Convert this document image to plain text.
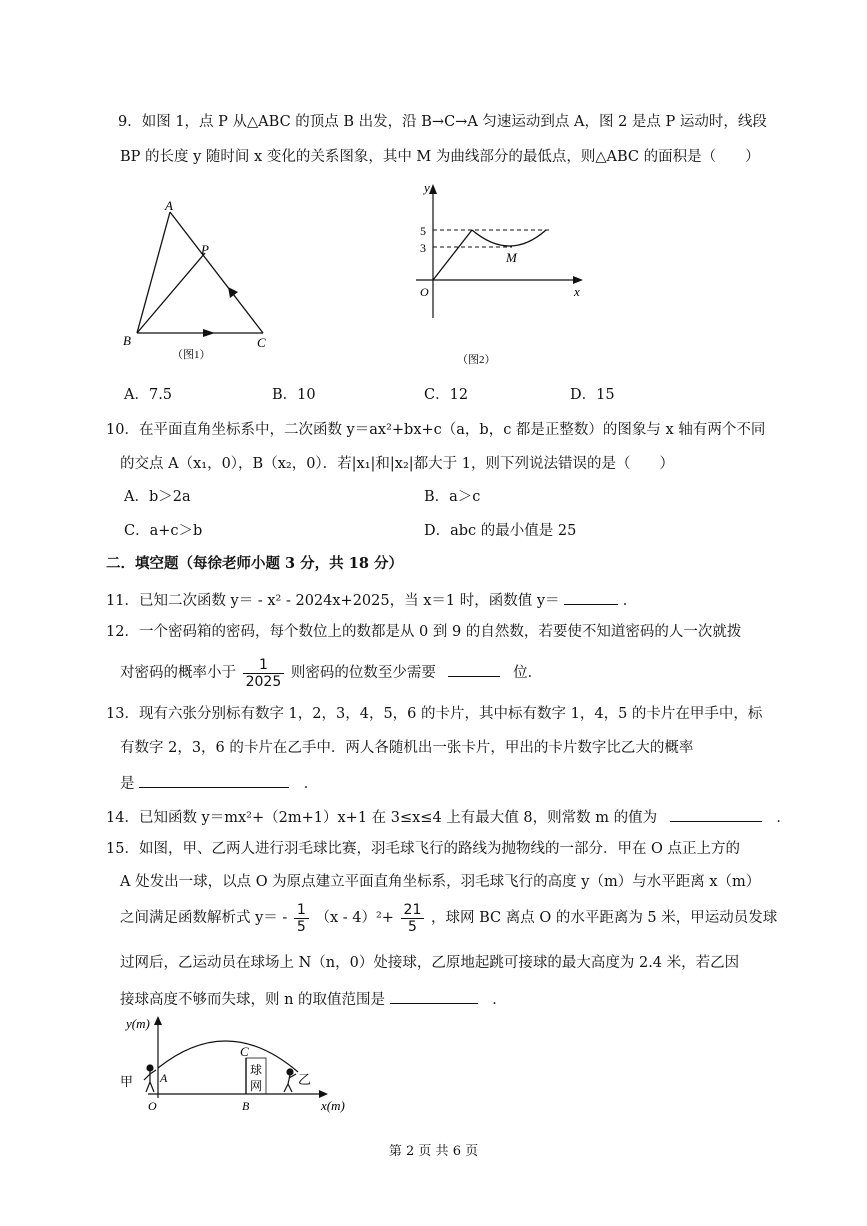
9．如图 1，点 P 从△ABC 的顶点 B 出发，沿 B→C→A 匀速运动到点 A，图 2 是点 P 运动时，线段
BP 的长度 y 随时间 x 变化的关系图象，其中 M 为曲线部分的最低点，则△ABC 的面积是（　　）
A
P
B	C
（图1）
y
5
3
M
O	x
（图2）
A．7.5	B．10	C．12	D．15
10．在平面直角坐标系中，二次函数 y＝ax²+bx+c（a，b，c 都是正整数）的图象与 x 轴有两个不同
的交点 A（x₁，0），B（x₂，0）．若|x₁|和|x₂|都大于 1，则下列说法错误的是（　　）
A．b＞2a	B．a＞c
C．a+c＞b	D．abc 的最小值是 25
二．填空题（每徐老师小题 3 分，共 18 分）
11．已知二次函数 y＝ - x² - 2024x+2025，当 x＝1 时，函数值 y＝	．
12．一个密码箱的密码，每个数位上的数都是从 0 到 9 的自然数，若要使不知道密码的人一次就拨
对密码的概率小于 $\frac{1}{2025}$ 则密码的位数至少需要	位．
13．现有六张分别标有数字 1，2，3，4，5，6 的卡片，其中标有数字 1，4，5 的卡片在甲手中，标
有数字 2，3，6 的卡片在乙手中．两人各随机出一张卡片，甲出的卡片数字比乙大的概率
是	．
14．已知函数 y＝mx²+（2m+1）x+1 在 3≤x≤4 上有最大值 8，则常数 m 的值为	．
15．如图，甲、乙两人进行羽毛球比赛，羽毛球飞行的路线为抛物线的一部分．甲在 O 点正上方的
A 处发出一球，以点 O 为原点建立平面直角坐标系，羽毛球飞行的高度 y（m）与水平距离 x（m）
之间满足函数解析式 $y= - \frac{1}{5} (x - 4)^2+ \frac{21}{5}$ ，球网 BC 离点 O 的水平距离为 5 米，甲运动员发球
过网后，乙运动员在球场上 N（n，0）处接球，乙原地起跳可接球的最大高度为 2.4 米，若乙因
接球高度不够而失球，则 n 的取值范围是	．
y(m)
甲 A
O
C
球
网
B
乙
x(m)
第 2 页 共 6 页
